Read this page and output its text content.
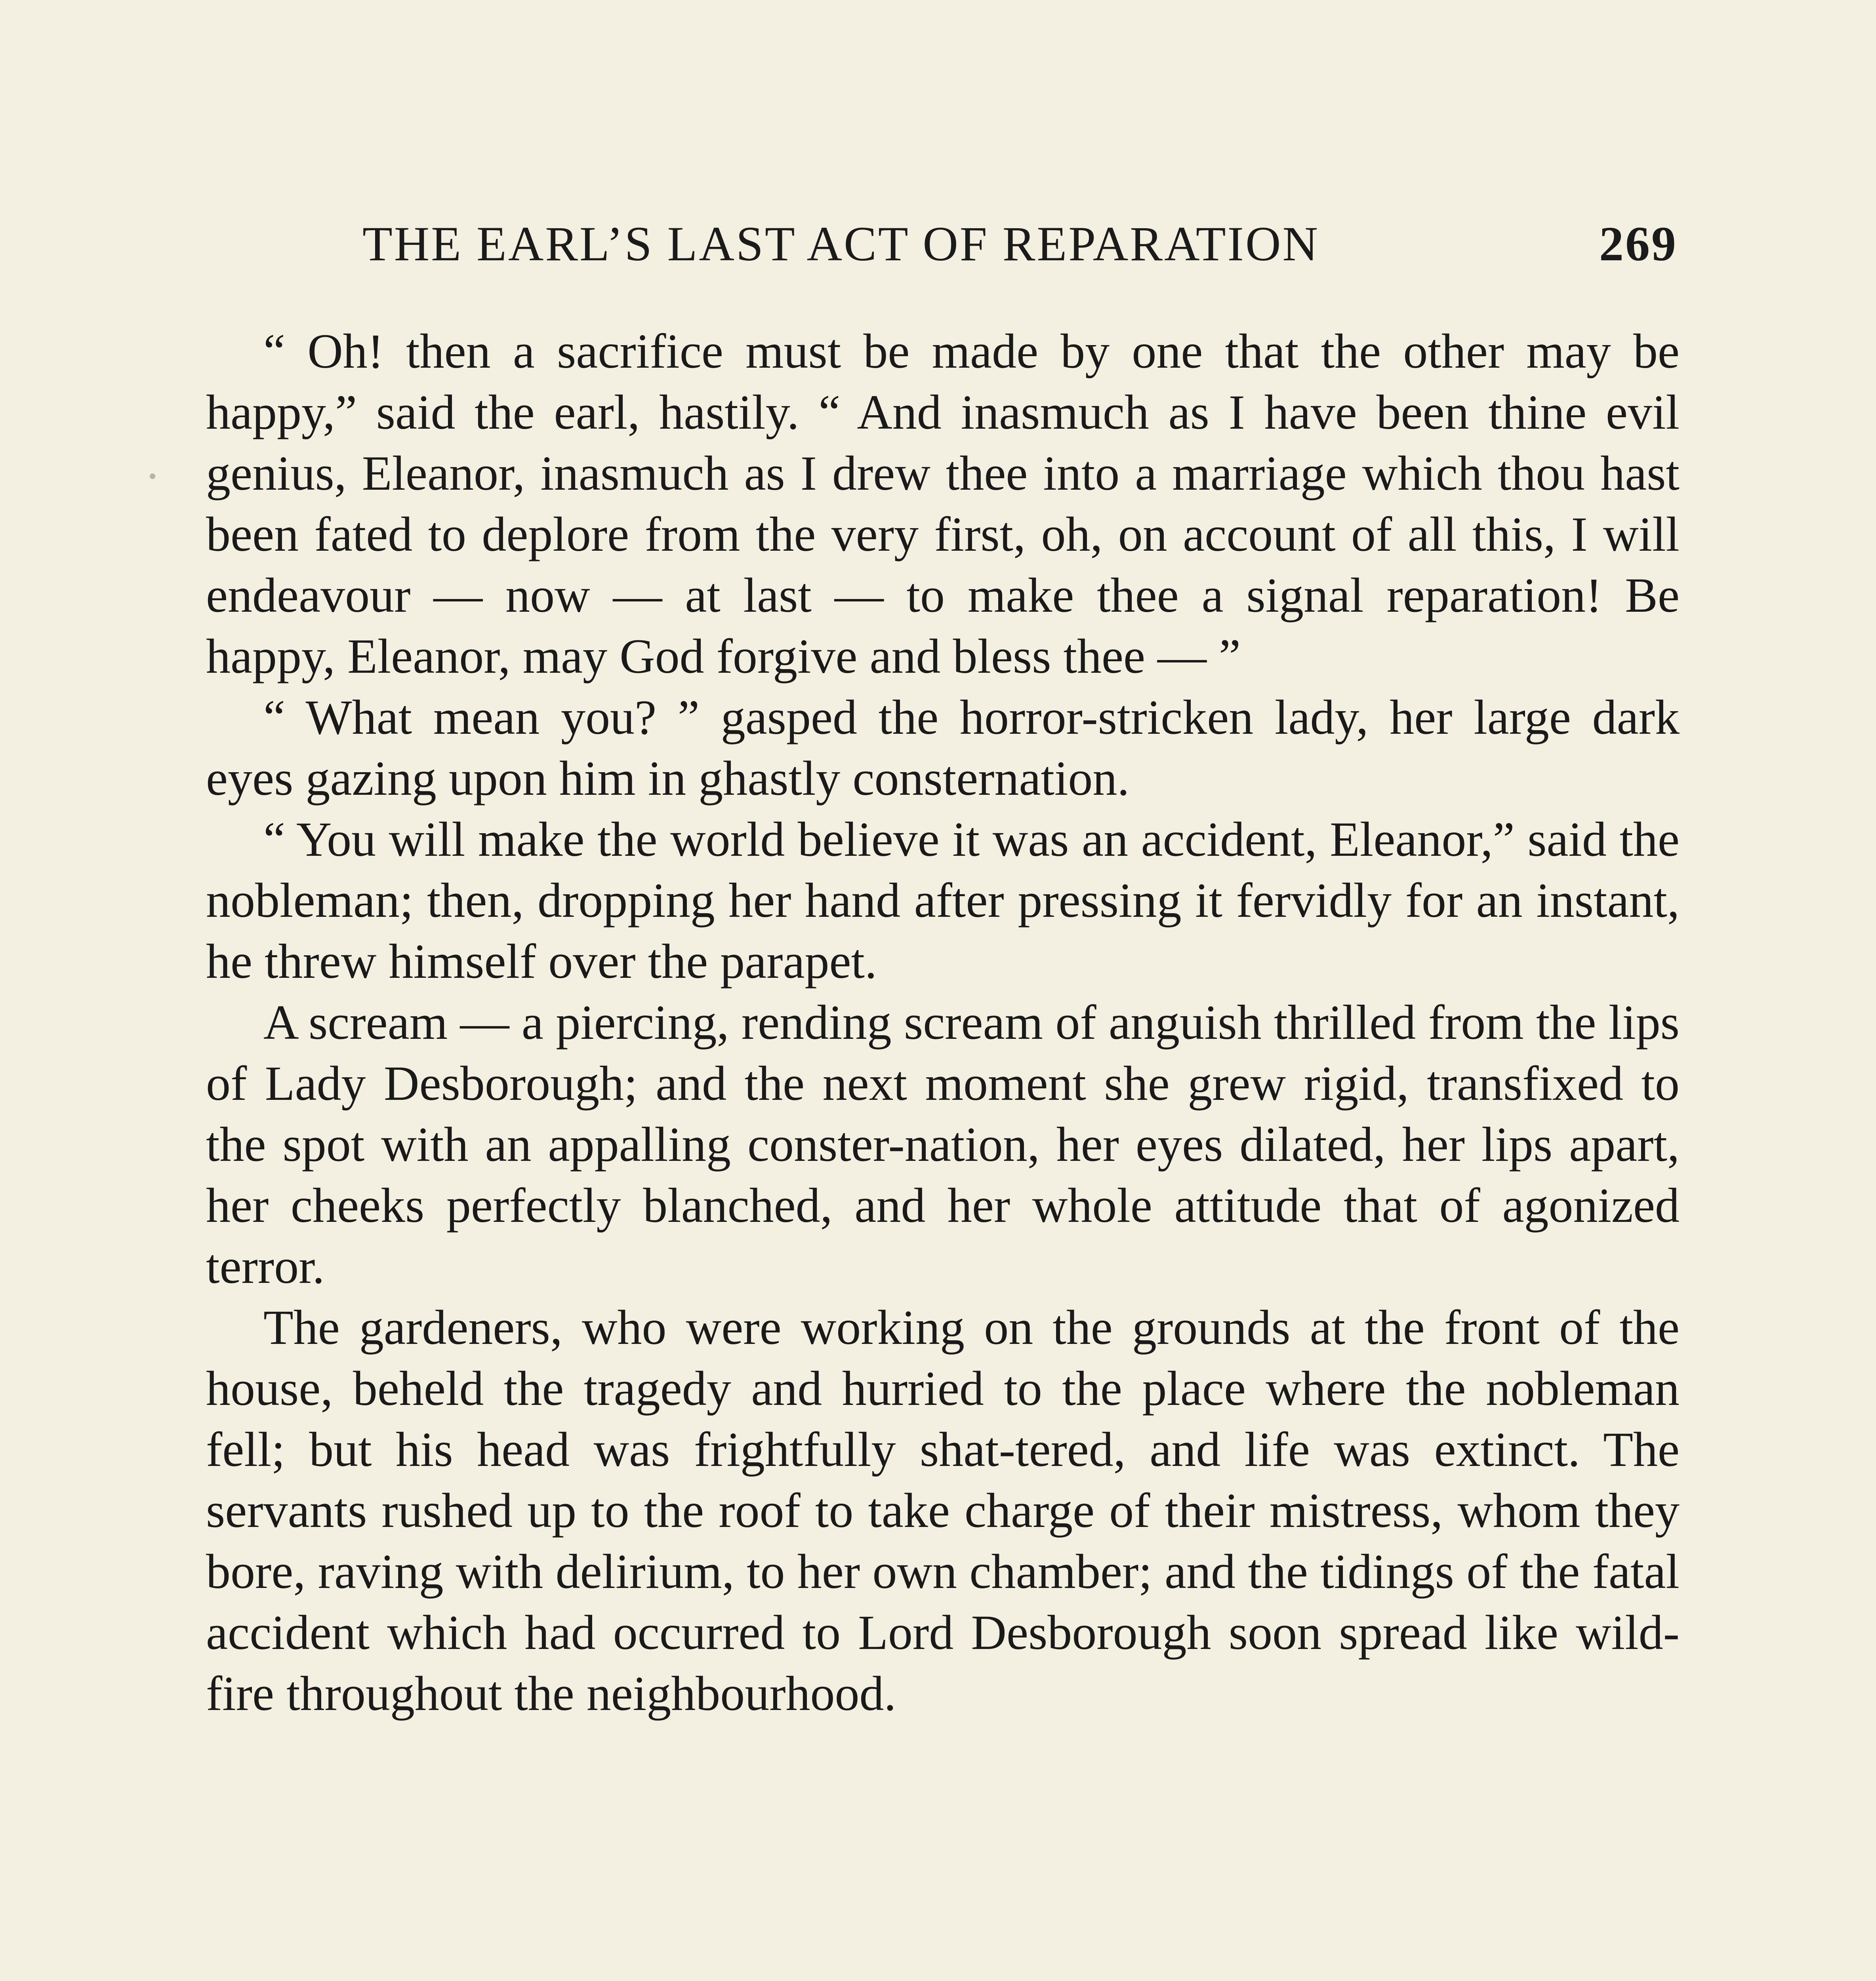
THE EARL’S LAST ACT OF REPARATION	269

“ Oh! then a sacrifice must be made by one that the other may be happy,” said the earl, hastily. “ And inasmuch as I have been thine evil genius, Eleanor, inasmuch as I drew thee into a marriage which thou hast been fated to deplore from the very first, oh, on account of all this, I will endeavour — now — at last — to make thee a signal reparation! Be happy, Eleanor, may God forgive and bless thee — ”

“ What mean you? ” gasped the horror-stricken lady, her large dark eyes gazing upon him in ghastly consternation.

“ You will make the world believe it was an accident, Eleanor,” said the nobleman; then, dropping her hand after pressing it fervidly for an instant, he threw himself over the parapet.

A scream — a piercing, rending scream of anguish thrilled from the lips of Lady Desborough; and the next moment she grew rigid, transfixed to the spot with an appalling conster-nation, her eyes dilated, her lips apart, her cheeks perfectly blanched, and her whole attitude that of agonized terror.

The gardeners, who were working on the grounds at the front of the house, beheld the tragedy and hurried to the place where the nobleman fell; but his head was frightfully shat-tered, and life was extinct. The servants rushed up to the roof to take charge of their mistress, whom they bore, raving with delirium, to her own chamber; and the tidings of the fatal accident which had occurred to Lord Desborough soon spread like wild-fire throughout the neighbourhood.
